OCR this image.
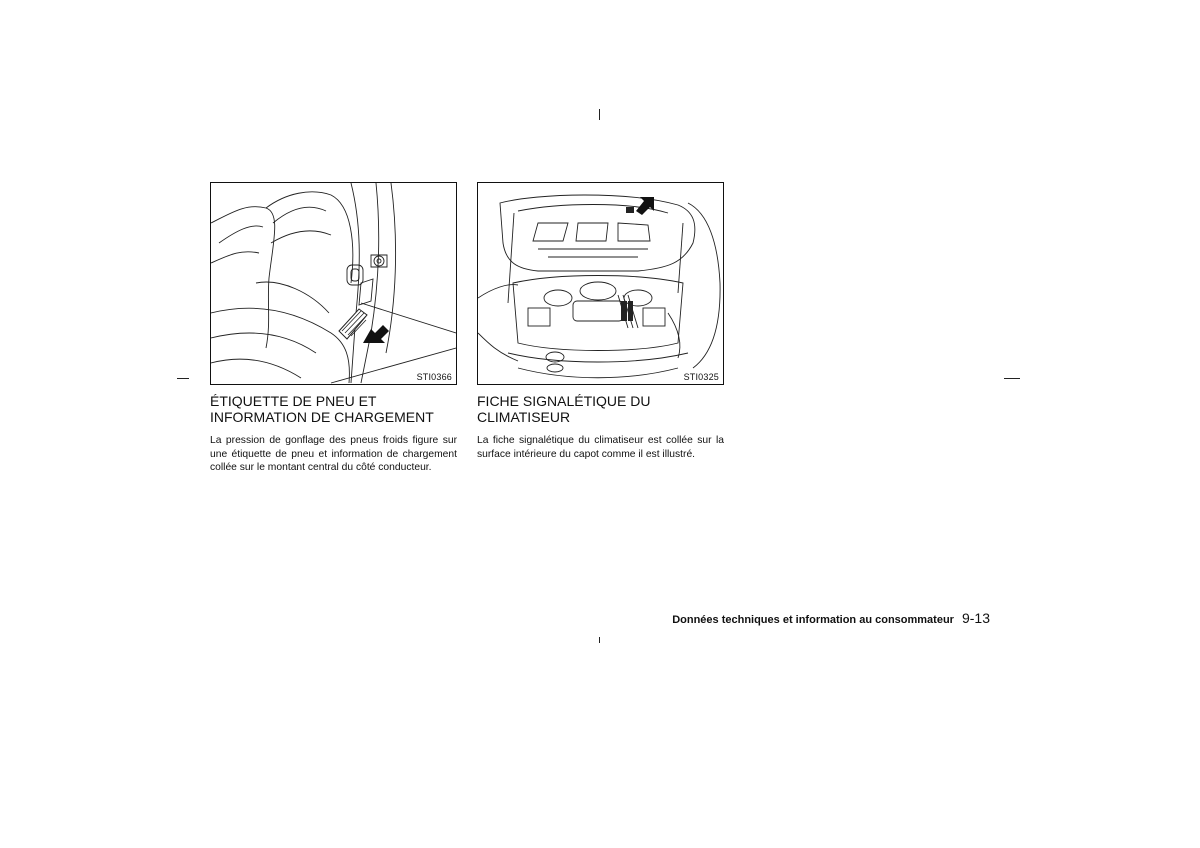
STI0366	STI0325
ÉTIQUETTE DE PNEU ET
INFORMATION DE CHARGEMENT

La pression de gonflage des pneus froids figure sur une étiquette de pneu et information de chargement collée sur le montant central du côté conducteur.

FICHE SIGNALÉTIQUE DU
CLIMATISEUR

La fiche signalétique du climatiseur est collée sur la surface intérieure du capot comme il est illustré.

Données techniques et information au consommateur 9-13
